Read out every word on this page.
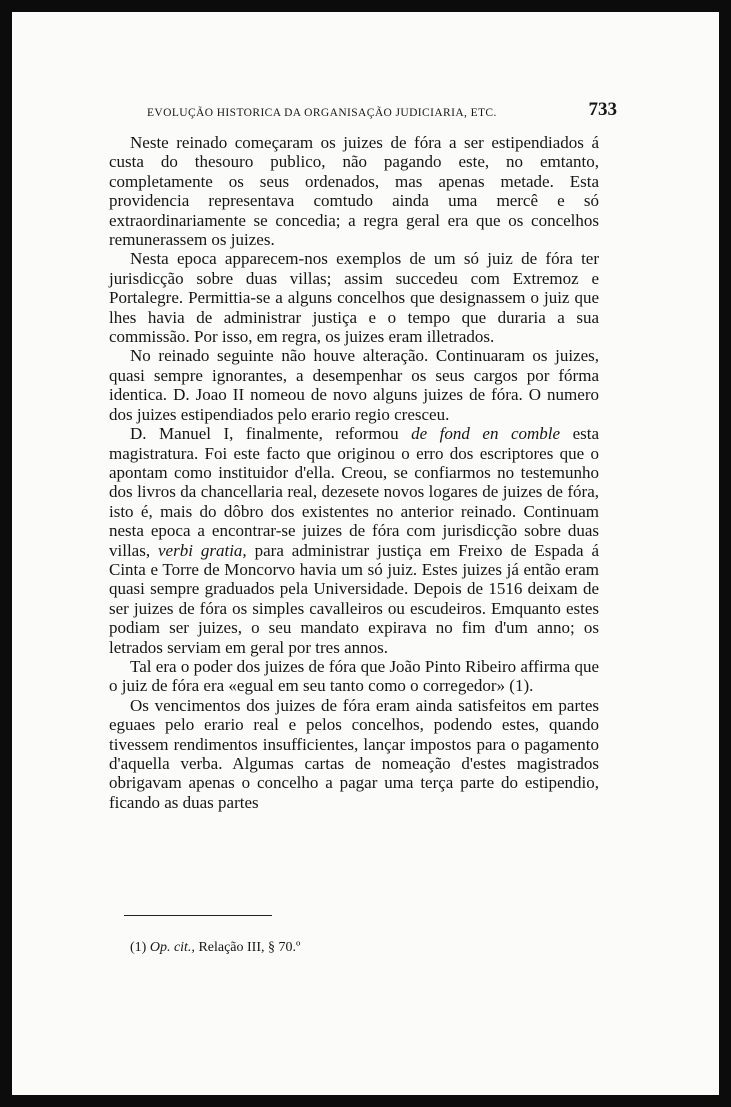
EVOLUÇÃO HISTORICA DA ORGANISAÇÃO JUDICIARIA, ETC.	733

Neste reinado começaram os juizes de fóra a ser estipendiados á custa do thesouro publico, não pagando este, no emtanto, completamente os seus ordenados, mas apenas metade. Esta providencia representava comtudo ainda uma mercê e só extraordinariamente se concedia; a regra geral era que os concelhos remunerassem os juizes.

Nesta epoca apparecem-nos exemplos de um só juiz de fóra ter jurisdicção sobre duas villas; assim succedeu com Extremoz e Portalegre. Permittia-se a alguns concelhos que designassem o juiz que lhes havia de administrar justiça e o tempo que duraria a sua commissão. Por isso, em regra, os juizes eram illetrados.

No reinado seguinte não houve alteração. Continuaram os juizes, quasi sempre ignorantes, a desempenhar os seus cargos por fórma identica. D. Joao II nomeou de novo alguns juizes de fóra. O numero dos juizes estipendiados pelo erario regio cresceu.

D. Manuel I, finalmente, reformou de fond en comble esta magistratura. Foi este facto que originou o erro dos escriptores que o apontam como instituidor d'ella. Creou, se confiarmos no testemunho dos livros da chancellaria real, dezesete novos logares de juizes de fóra, isto é, mais do dôbro dos existentes no anterior reinado. Continuam nesta epoca a encontrar-se juizes de fóra com jurisdicção sobre duas villas, verbi gratia, para administrar justiça em Freixo de Espada á Cinta e Torre de Moncorvo havia um só juiz. Estes juizes já então eram quasi sempre graduados pela Universidade. Depois de 1516 deixam de ser juizes de fóra os simples cavalleiros ou escudeiros. Emquanto estes podiam ser juizes, o seu mandato expirava no fim d'um anno; os letrados serviam em geral por tres annos.

Tal era o poder dos juizes de fóra que João Pinto Ribeiro affirma que o juiz de fóra era «egual em seu tanto como o corregedor» (1).

Os vencimentos dos juizes de fóra eram ainda satisfeitos em partes eguaes pelo erario real e pelos concelhos, podendo estes, quando tivessem rendimentos insufficientes, lançar impostos para o pagamento d'aquella verba. Algumas cartas de nomeação d'estes magistrados obrigavam apenas o concelho a pagar uma terça parte do estipendio, ficando as duas partes

(1) Op. cit., Relação III, § 70.º
